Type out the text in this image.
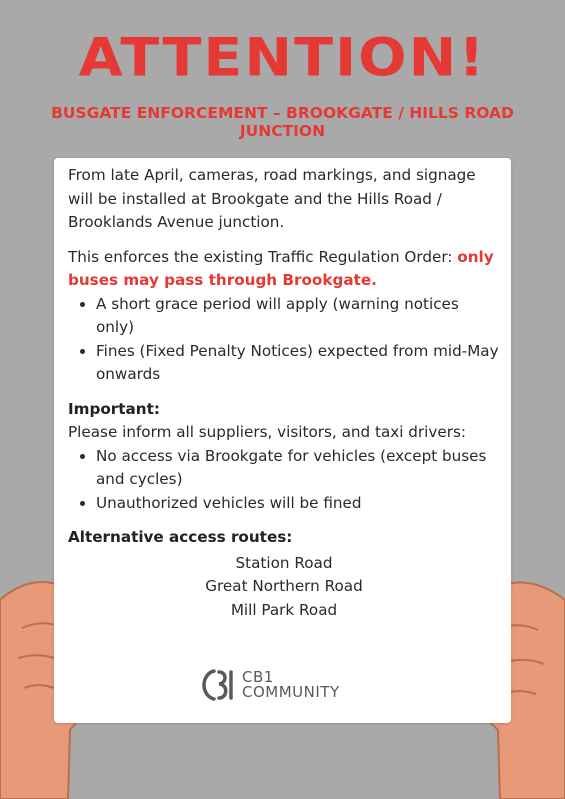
ATTENTION!
BUSGATE ENFORCEMENT – BROOKGATE / HILLS ROAD JUNCTION

From late April, cameras, road markings, and signage will be installed at Brookgate and the Hills Road / Brooklands Avenue junction.

This enforces the existing Traffic Regulation Order: only buses may pass through Brookgate.

• A short grace period will apply (warning notices only)
• Fines (Fixed Penalty Notices) expected from mid-May onwards

Important:

Please inform all suppliers, visitors, and taxi drivers:

• No access via Brookgate for vehicles (except buses and cycles)
• Unauthorized vehicles will be fined

Alternative access routes:

Station Road
Great Northern Road
Mill Park Road
CB1
COMMUNITY
